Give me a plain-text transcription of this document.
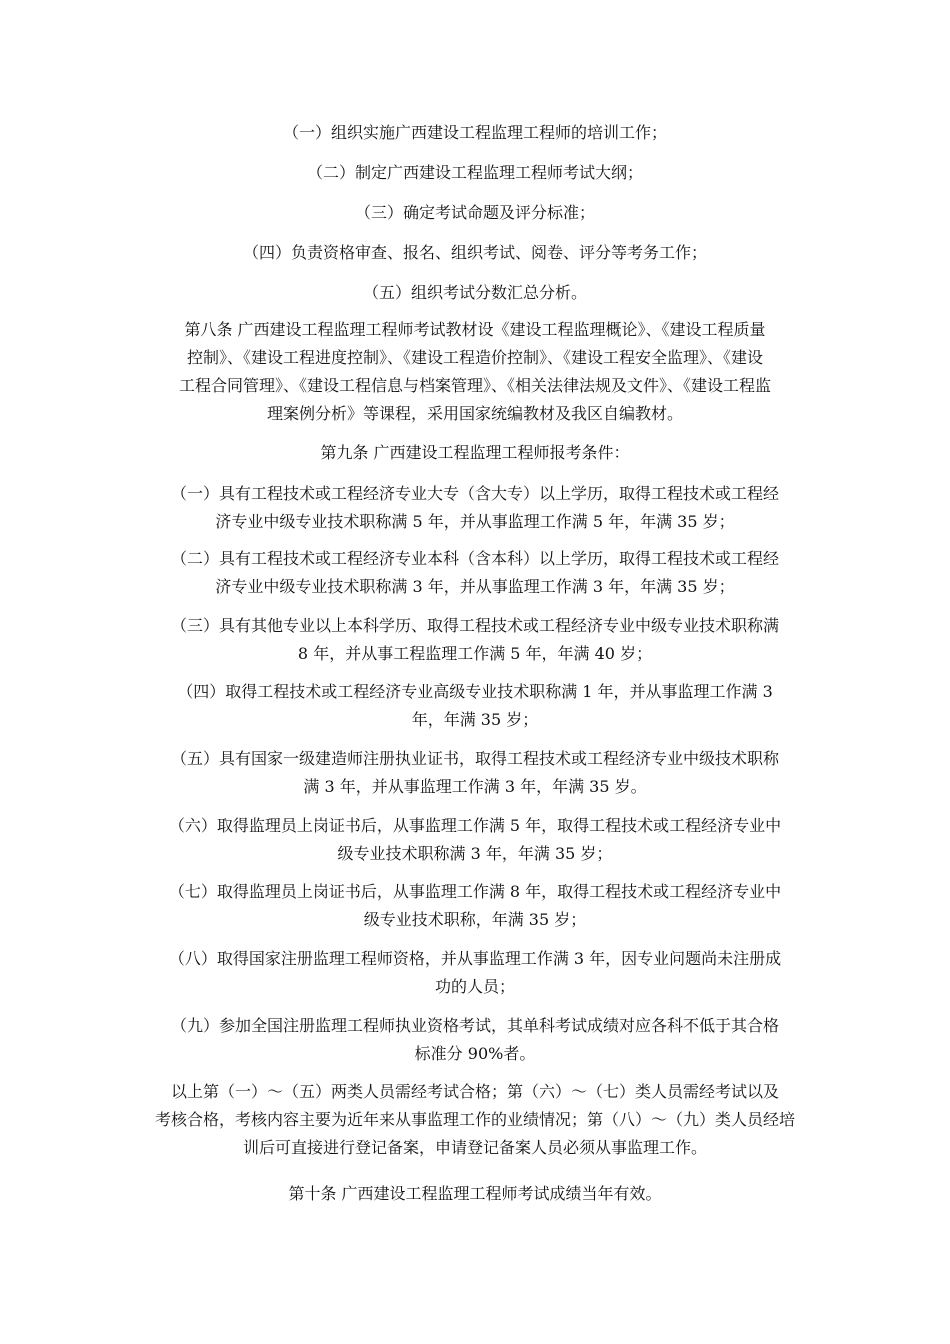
（一）组织实施广西建设工程监理工程师的培训工作；
（二）制定广西建设工程监理工程师考试大纲；
（三）确定考试命题及评分标准；
（四）负责资格审查、报名、组织考试、阅卷、评分等考务工作；
（五）组织考试分数汇总分析。

第八条 广西建设工程监理工程师考试教材设《建设工程监理概论》、《建设工程质量

控制》、《建设工程进度控制》、《建设工程造价控制》、《建设工程安全监理》、《建设

工程合同管理》、《建设工程信息与档案管理》、《相关法律法规及文件》、《建设工程监

理案例分析》等课程，采用国家统编教材及我区自编教材。

第九条 广西建设工程监理工程师报考条件：

（一）具有工程技术或工程经济专业大专（含大专）以上学历，取得工程技术或工程经

济专业中级专业技术职称满 5 年，并从事监理工作满 5 年，年满 35 岁；

（二）具有工程技术或工程经济专业本科（含本科）以上学历，取得工程技术或工程经

济专业中级专业技术职称满 3 年，并从事监理工作满 3 年，年满 35 岁；

（三）具有其他专业以上本科学历、取得工程技术或工程经济专业中级专业技术职称满

8 年，并从事工程监理工作满 5 年，年满 40 岁；

（四）取得工程技术或工程经济专业高级专业技术职称满 1 年，并从事监理工作满 3

年，年满 35 岁；

（五）具有国家一级建造师注册执业证书，取得工程技术或工程经济专业中级技术职称

满 3 年，并从事监理工作满 3 年，年满 35 岁。

（六）取得监理员上岗证书后，从事监理工作满 5 年，取得工程技术或工程经济专业中

级专业技术职称满 3 年，年满 35 岁；

（七）取得监理员上岗证书后，从事监理工作满 8 年，取得工程技术或工程经济专业中

级专业技术职称，年满 35 岁；

（八）取得国家注册监理工程师资格，并从事监理工作满 3 年，因专业问题尚未注册成

功的人员；

（九）参加全国注册监理工程师执业资格考试，其单科考试成绩对应各科不低于其合格

标准分 90%者。

以上第（一）～（五）两类人员需经考试合格；第（六）～（七）类人员需经考试以及

考核合格，考核内容主要为近年来从事监理工作的业绩情况；第（八）～（九）类人员经培

训后可直接进行登记备案，申请登记备案人员必须从事监理工作。

第十条 广西建设工程监理工程师考试成绩当年有效。
